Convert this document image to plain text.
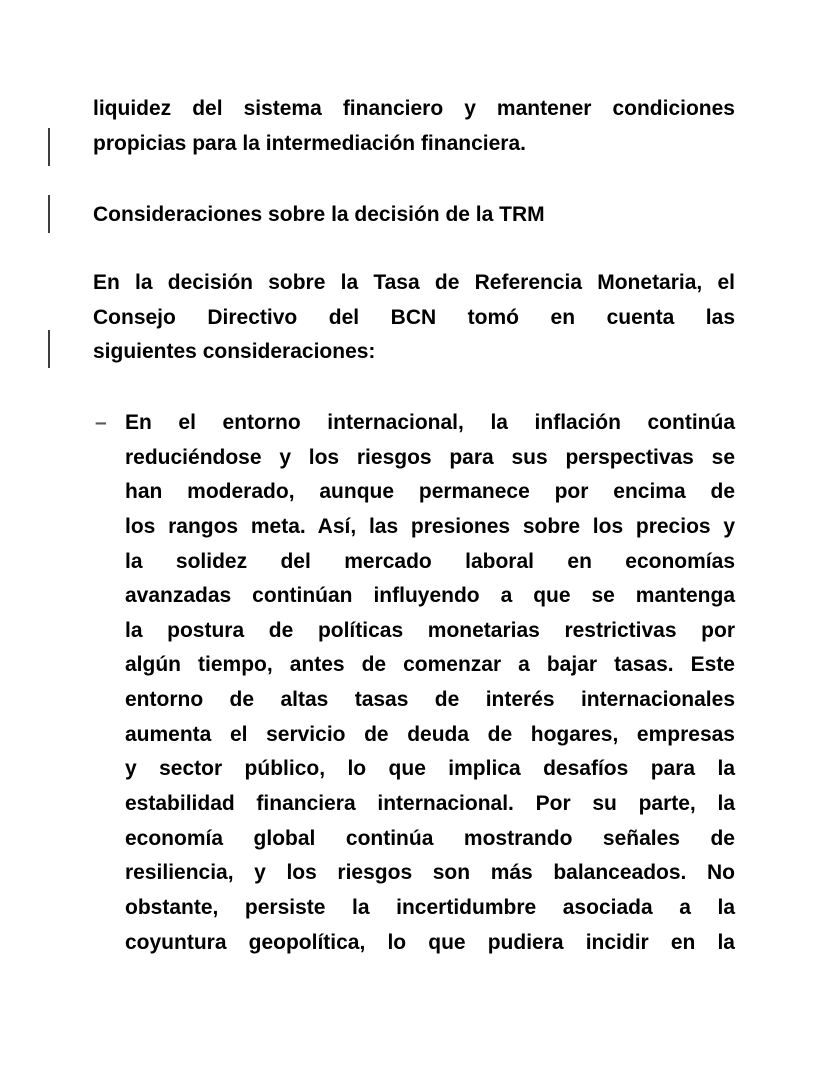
liquidez del sistema financiero y mantener condiciones
propicias para la intermediación financiera.
Consideraciones sobre la decisión de la TRM
En la decisión sobre la Tasa de Referencia Monetaria, el
Consejo Directivo del BCN tomó en cuenta las
siguientes consideraciones:
– En el entorno internacional, la inflación continúa
reduciéndose y los riesgos para sus perspectivas se
han moderado, aunque permanece por encima de
los rangos meta. Así, las presiones sobre los precios y
la solidez del mercado laboral en economías
avanzadas continúan influyendo a que se mantenga
la postura de políticas monetarias restrictivas por
algún tiempo, antes de comenzar a bajar tasas. Este
entorno de altas tasas de interés internacionales
aumenta el servicio de deuda de hogares, empresas
y sector público, lo que implica desafíos para la
estabilidad financiera internacional. Por su parte, la
economía global continúa mostrando señales de
resiliencia, y los riesgos son más balanceados. No
obstante, persiste la incertidumbre asociada a la
coyuntura geopolítica, lo que pudiera incidir en la
